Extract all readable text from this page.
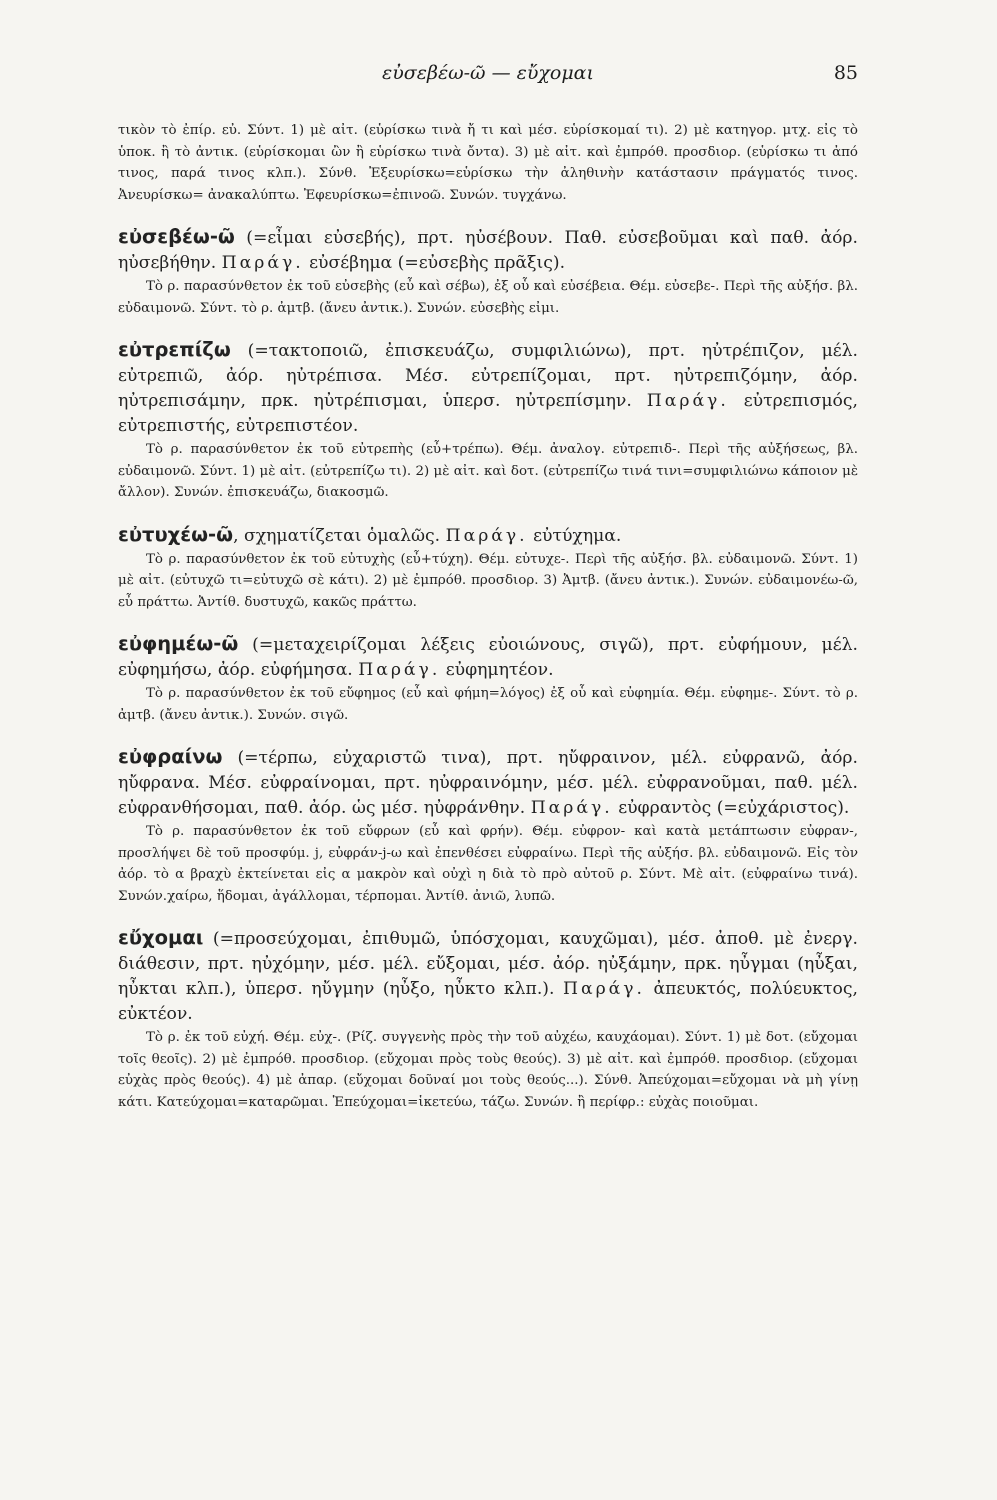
εὐσεβέω-ῶ — εὔχομαι	85

τικὸν τὸ ἐπίρ. εὐ. Σύντ. 1) μὲ αἰτ. (εὑρίσκω τινὰ ἤ τι καὶ μέσ. εὑρίσκομαί τι). 2) μὲ κατηγορ. μτχ. εἰς τὸ ὑποκ. ἢ τὸ ἀντικ. (εὑρίσκομαι ὢν ἢ εὑρίσκω τινὰ ὄντα). 3) μὲ αἰτ. καὶ ἐμπρόθ. προσδιορ. (εὑρίσκω τι ἀπό τινος, παρά τινος κλπ.). Σύνθ. Ἐξευρίσκω=εὑρίσκω τὴν ἀληθινὴν κατάστασιν πράγματός τινος. Ἀνευρίσκω= ἀνακαλύπτω. Ἐφευρίσκω=ἐπινοῶ. Συνών. τυγχάνω.

εὐσεβέω-ῶ (=εἶμαι εὐσεβής), πρτ. ηὐσέβουν. Παθ. εὐσεβοῦμαι καὶ παθ. ἀόρ. ηὐσεβήθην. Παράγ. εὐσέβημα (=εὐσεβὴς πρᾶξις).

Τὸ ρ. παρασύνθετον ἐκ τοῦ εὐσεβὴς (εὖ καὶ σέβω), ἐξ οὗ καὶ εὐσέβεια. Θέμ. εὐσεβε-. Περὶ τῆς αὐξήσ. βλ. εὐδαιμονῶ. Σύντ. τὸ ρ. ἀμτβ. (ἄνευ ἀντικ.). Συνών. εὐσεβὴς εἰμι.

εὐτρεπίζω (=τακτοποιῶ, ἐπισκευάζω, συμφιλιώνω), πρτ. ηὐτρέπιζον, μέλ. εὐτρεπιῶ, ἀόρ. ηὐτρέπισα. Μέσ. εὐτρεπίζομαι, πρτ. ηὐτρεπιζόμην, ἀόρ. ηὐτρεπισάμην, πρκ. ηὐτρέπισμαι, ὑπερσ. ηὐτρεπίσμην. Παράγ. εὐτρεπισμός, εὐτρεπιστής, εὐτρεπιστέον.

Τὸ ρ. παρασύνθετον ἐκ τοῦ εὐτρεπὴς (εὖ+τρέπω). Θέμ. ἀναλογ. εὐτρεπιδ-. Περὶ τῆς αὐξήσεως, βλ. εὐδαιμονῶ. Σύντ. 1) μὲ αἰτ. (εὐτρεπίζω τι). 2) μὲ αἰτ. καὶ δοτ. (εὐτρεπίζω τινά τινι=συμφιλιώνω κάποιον μὲ ἄλλον). Συνών. ἐπισκευάζω, διακοσμῶ.

εὐτυχέω-ῶ, σχηματίζεται ὁμαλῶς. Παράγ. εὐτύχημα.

Τὸ ρ. παρασύνθετον ἐκ τοῦ εὐτυχὴς (εὖ+τύχη). Θέμ. εὐτυχε-. Περὶ τῆς αὐξήσ. βλ. εὐδαιμονῶ. Σύντ. 1) μὲ αἰτ. (εὐτυχῶ τι=εὐτυχῶ σὲ κάτι). 2) μὲ ἐμπρόθ. προσδιορ. 3) Ἀμτβ. (ἄνευ ἀντικ.). Συνών. εὐδαιμονέω-ῶ, εὖ πράττω. Ἀντίθ. δυστυχῶ, κακῶς πράττω.

εὐφημέω-ῶ (=μεταχειρίζομαι λέξεις εὐοιώνους, σιγῶ), πρτ. εὐφήμουν, μέλ. εὐφημήσω, ἀόρ. εὐφήμησα. Παράγ. εὐφημητέον.

Τὸ ρ. παρασύνθετον ἐκ τοῦ εὔφημος (εὖ καὶ φήμη=λόγος) ἐξ οὗ καὶ εὐφημία. Θέμ. εὐφημε-. Σύντ. τὸ ρ. ἀμτβ. (ἄνευ ἀντικ.). Συνών. σιγῶ.

εὐφραίνω (=τέρπω, εὐχαριστῶ τινα), πρτ. ηὔφραινον, μέλ. εὐφρανῶ, ἀόρ. ηὔφρανα. Μέσ. εὐφραίνομαι, πρτ. ηὐφραινόμην, μέσ. μέλ. εὐφρανοῦμαι, παθ. μέλ. εὐφρανθήσομαι, παθ. ἀόρ. ὡς μέσ. ηὐφράνθην. Παράγ. εὐφραντὸς (=εὐχάριστος).

Τὸ ρ. παρασύνθετον ἐκ τοῦ εὔφρων (εὖ καὶ φρήν). Θέμ. εὐφρον- καὶ κατὰ μετάπτωσιν εὐφραν-, προσλήψει δὲ τοῦ προσφύμ. j, εὐφράν-j-ω καὶ ἐπενθέσει εὐφραίνω. Περὶ τῆς αὐξήσ. βλ. εὐδαιμονῶ. Εἰς τὸν ἀόρ. τὸ α βραχὺ ἐκτείνεται εἰς α μακρὸν καὶ οὐχὶ η διὰ τὸ πρὸ αὐτοῦ ρ. Σύντ. Μὲ αἰτ. (εὐφραίνω τινά). Συνών.χαίρω, ἥδομαι, ἀγάλλομαι, τέρπομαι. Ἀντίθ. ἀνιῶ, λυπῶ.

εὔχομαι (=προσεύχομαι, ἐπιθυμῶ, ὑπόσχομαι, καυχῶμαι), μέσ. ἀποθ. μὲ ἐνεργ. διάθεσιν, πρτ. ηὐχόμην, μέσ. μέλ. εὔξομαι, μέσ. ἀόρ. ηὐξάμην, πρκ. ηὖγμαι (ηὖξαι, ηὖκται κλπ.), ὑπερσ. ηὔγμην (ηὖξο, ηὖκτο κλπ.). Παράγ. ἀπευκτός, πολύευκτος, εὐκτέον.

Τὸ ρ. ἐκ τοῦ εὐχή. Θέμ. εὐχ-. (Ρίζ. συγγενὴς πρὸς τὴν τοῦ αὐχέω, καυχάομαι). Σύντ. 1) μὲ δοτ. (εὔχομαι τοῖς θεοῖς). 2) μὲ ἐμπρόθ. προσδιορ. (εὔχομαι πρὸς τοὺς θεούς). 3) μὲ αἰτ. καὶ ἐμπρόθ. προσδιορ. (εὔχομαι εὐχὰς πρὸς θεούς). 4) μὲ ἀπαρ. (εὔχομαι δοῦναί μοι τοὺς θεούς...). Σύνθ. Ἀπεύχομαι=εὔχομαι νὰ μὴ γίνῃ κάτι. Κατεύχομαι=καταρῶμαι. Ἐπεύχομαι=ἱκετεύω, τάζω. Συνών. ἢ περίφρ.: εὐχὰς ποιοῦμαι.
